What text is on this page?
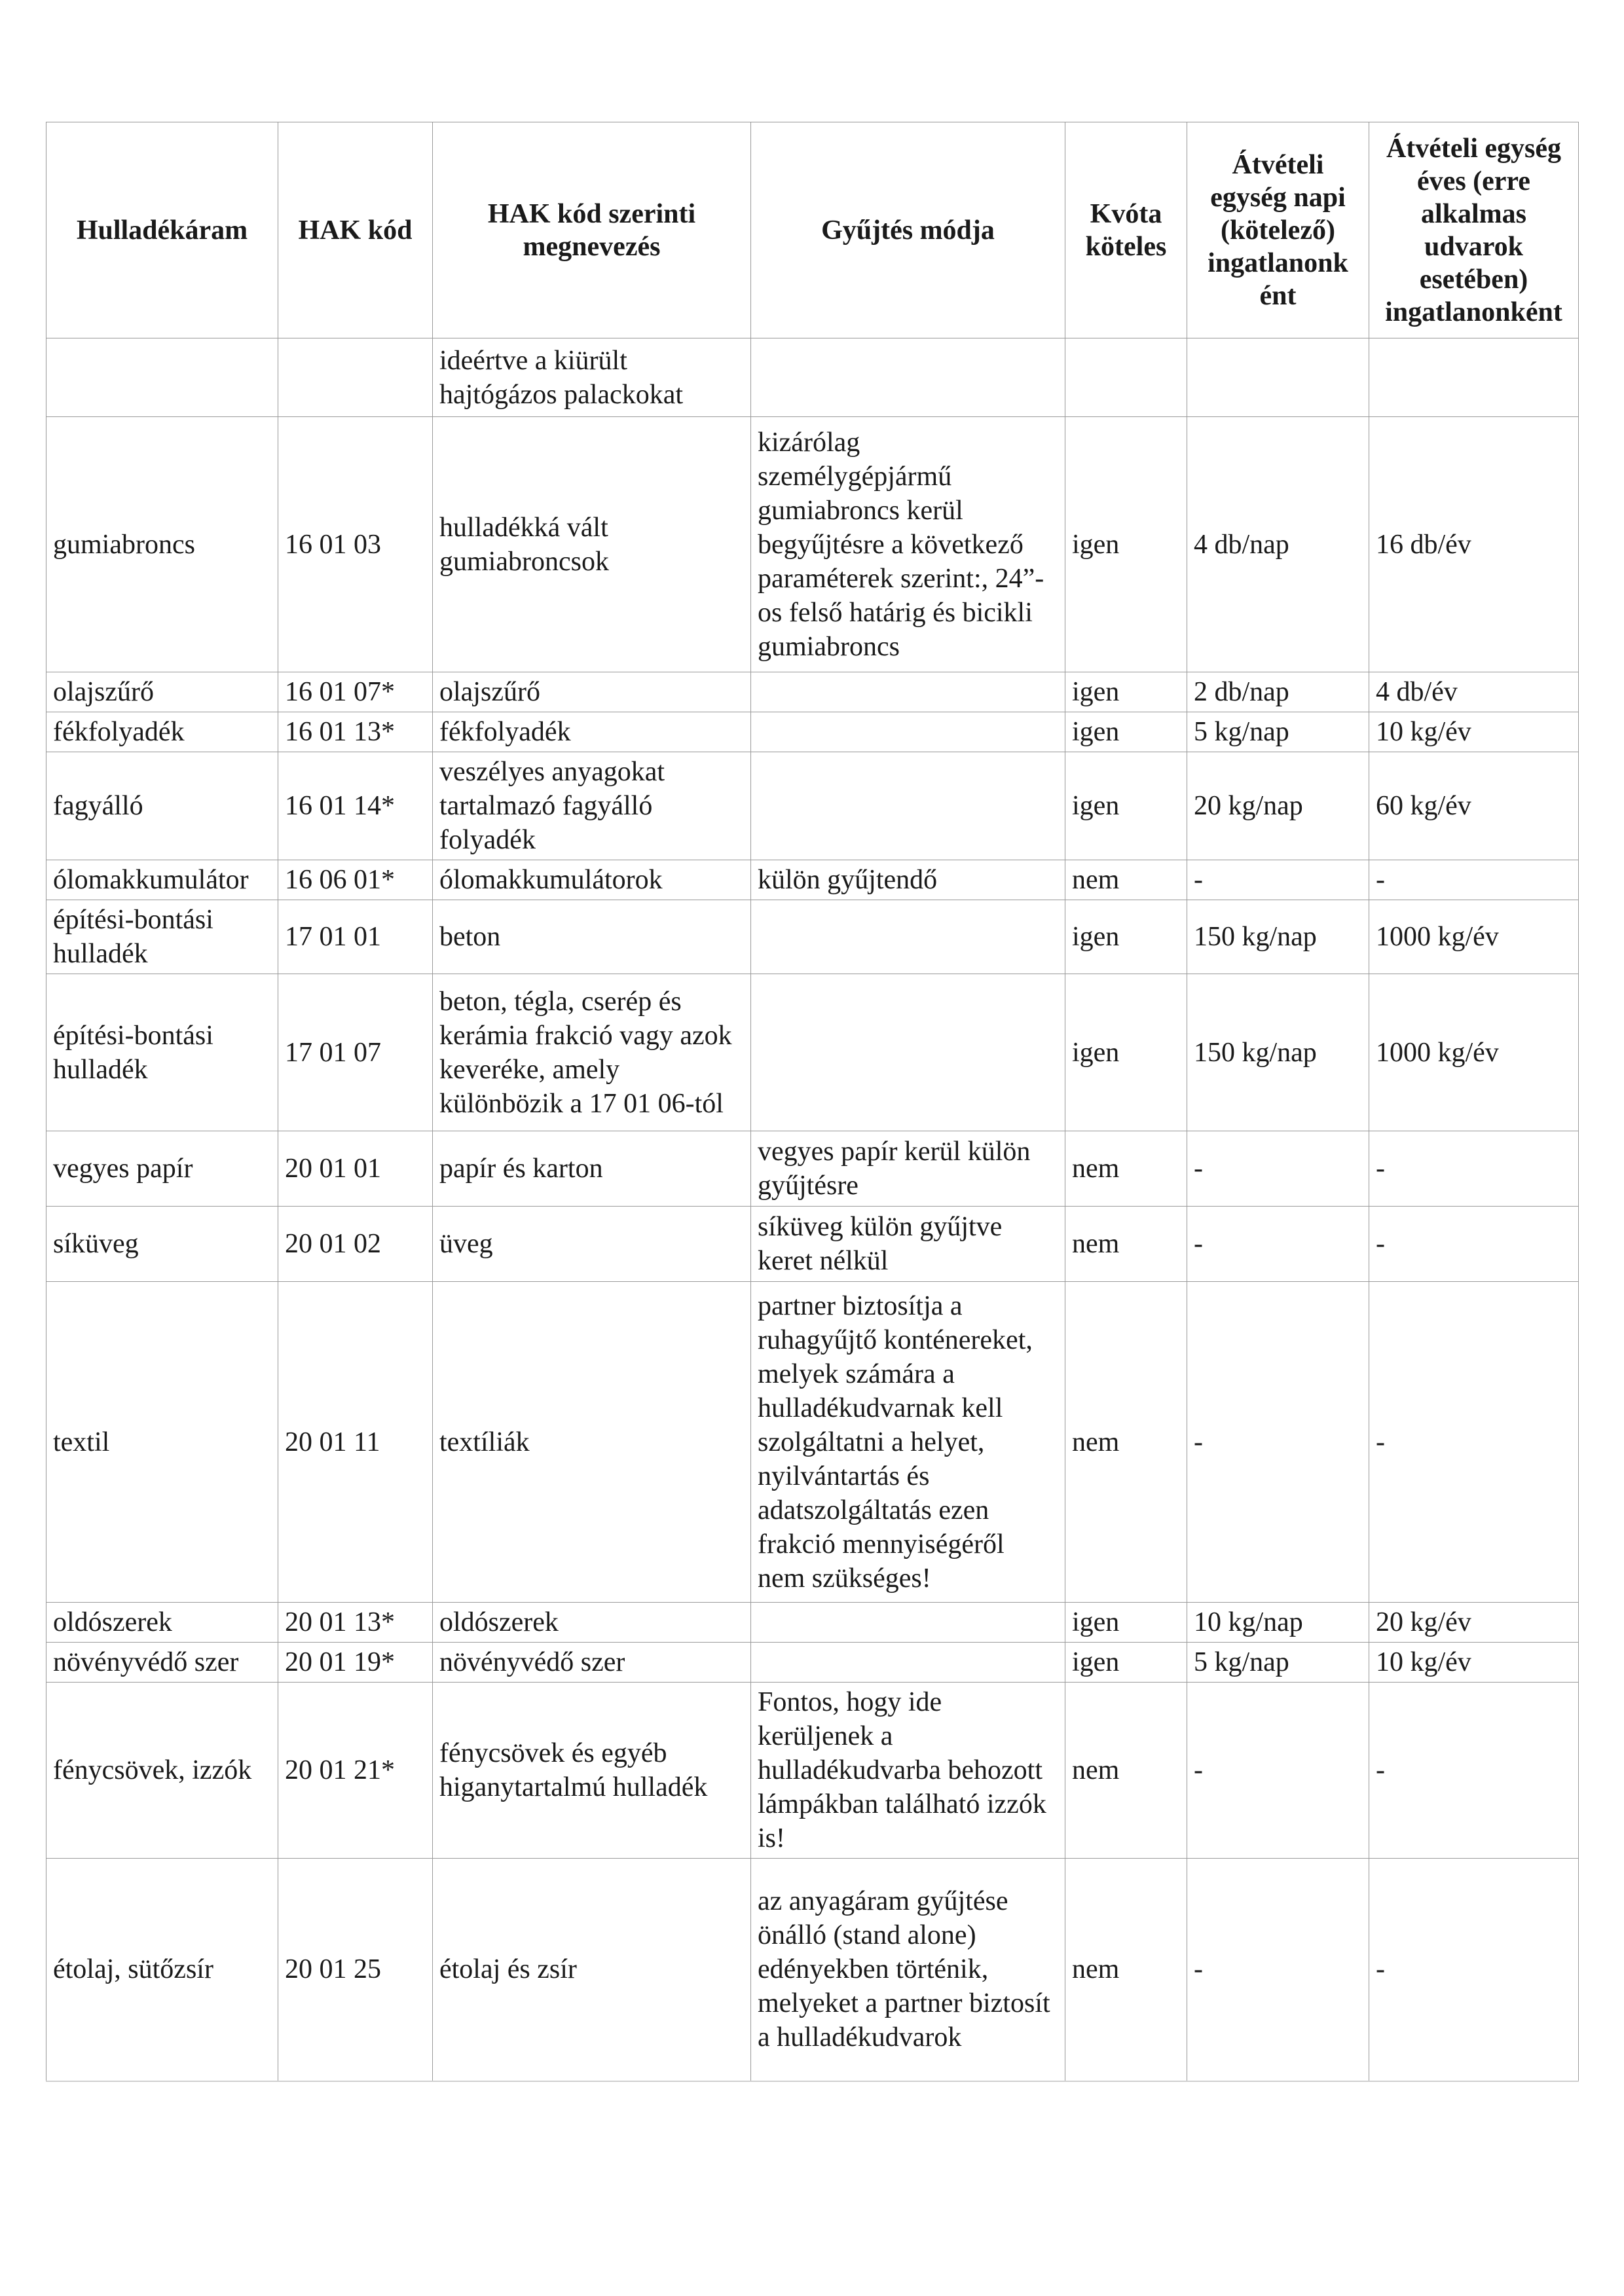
Hulladékáram	HAK kód	HAK kód szerinti megnevezés	Gyűjtés módja	Kvóta köteles	Átvételi egység napi (kötelező) ingatlanonk ént	Átvételi egység éves (erre alkalmas udvarok esetében) ingatlanonként
		ideértve a kiürült hajtógázos palackokat				
gumiabroncs	16 01 03	hulladékká vált gumiabroncsok	kizárólag személygépjármű gumiabroncs kerül begyűjtésre a következő paraméterek szerint:, 24”-os felső határig és bicikli gumiabroncs	igen	4 db/nap	16 db/év
olajszűrő	16 01 07*	olajszűrő		igen	2 db/nap	4 db/év
fékfolyadék	16 01 13*	fékfolyadék		igen	5 kg/nap	10 kg/év
fagyálló	16 01 14*	veszélyes anyagokat tartalmazó fagyálló folyadék		igen	20 kg/nap	60 kg/év
ólomakkumulátor	16 06 01*	ólomakkumulátorok	külön gyűjtendő	nem	-	-
építési-bontási hulladék	17 01 01	beton		igen	150 kg/nap	1000 kg/év
építési-bontási hulladék	17 01 07	beton, tégla, cserép és kerámia frakció vagy azok keveréke, amely különbözik a 17 01 06-tól		igen	150 kg/nap	1000 kg/év
vegyes papír	20 01 01	papír és karton	vegyes papír kerül külön gyűjtésre	nem	-	-
síküveg	20 01 02	üveg	síküveg külön gyűjtve keret nélkül	nem	-	-
textil	20 01 11	textíliák	partner biztosítja a ruhagyűjtő konténereket, melyek számára a hulladékudvarnak kell szolgáltatni a helyet, nyilvántartás és adatszolgáltatás ezen frakció mennyiségéről nem szükséges!	nem	-	-
oldószerek	20 01 13*	oldószerek		igen	10 kg/nap	20 kg/év
növényvédő szer	20 01 19*	növényvédő szer		igen	5 kg/nap	10 kg/év
fénycsövek, izzók	20 01 21*	fénycsövek és egyéb higanytartalmú hulladék	Fontos, hogy ide kerüljenek a hulladékudvarba behozott lámpákban található izzók is!	nem	-	-
étolaj, sütőzsír	20 01 25	étolaj és zsír	az anyagáram gyűjtése önálló (stand alone) edényekben történik, melyeket a partner biztosít a hulladékudvarok	nem	-	-
